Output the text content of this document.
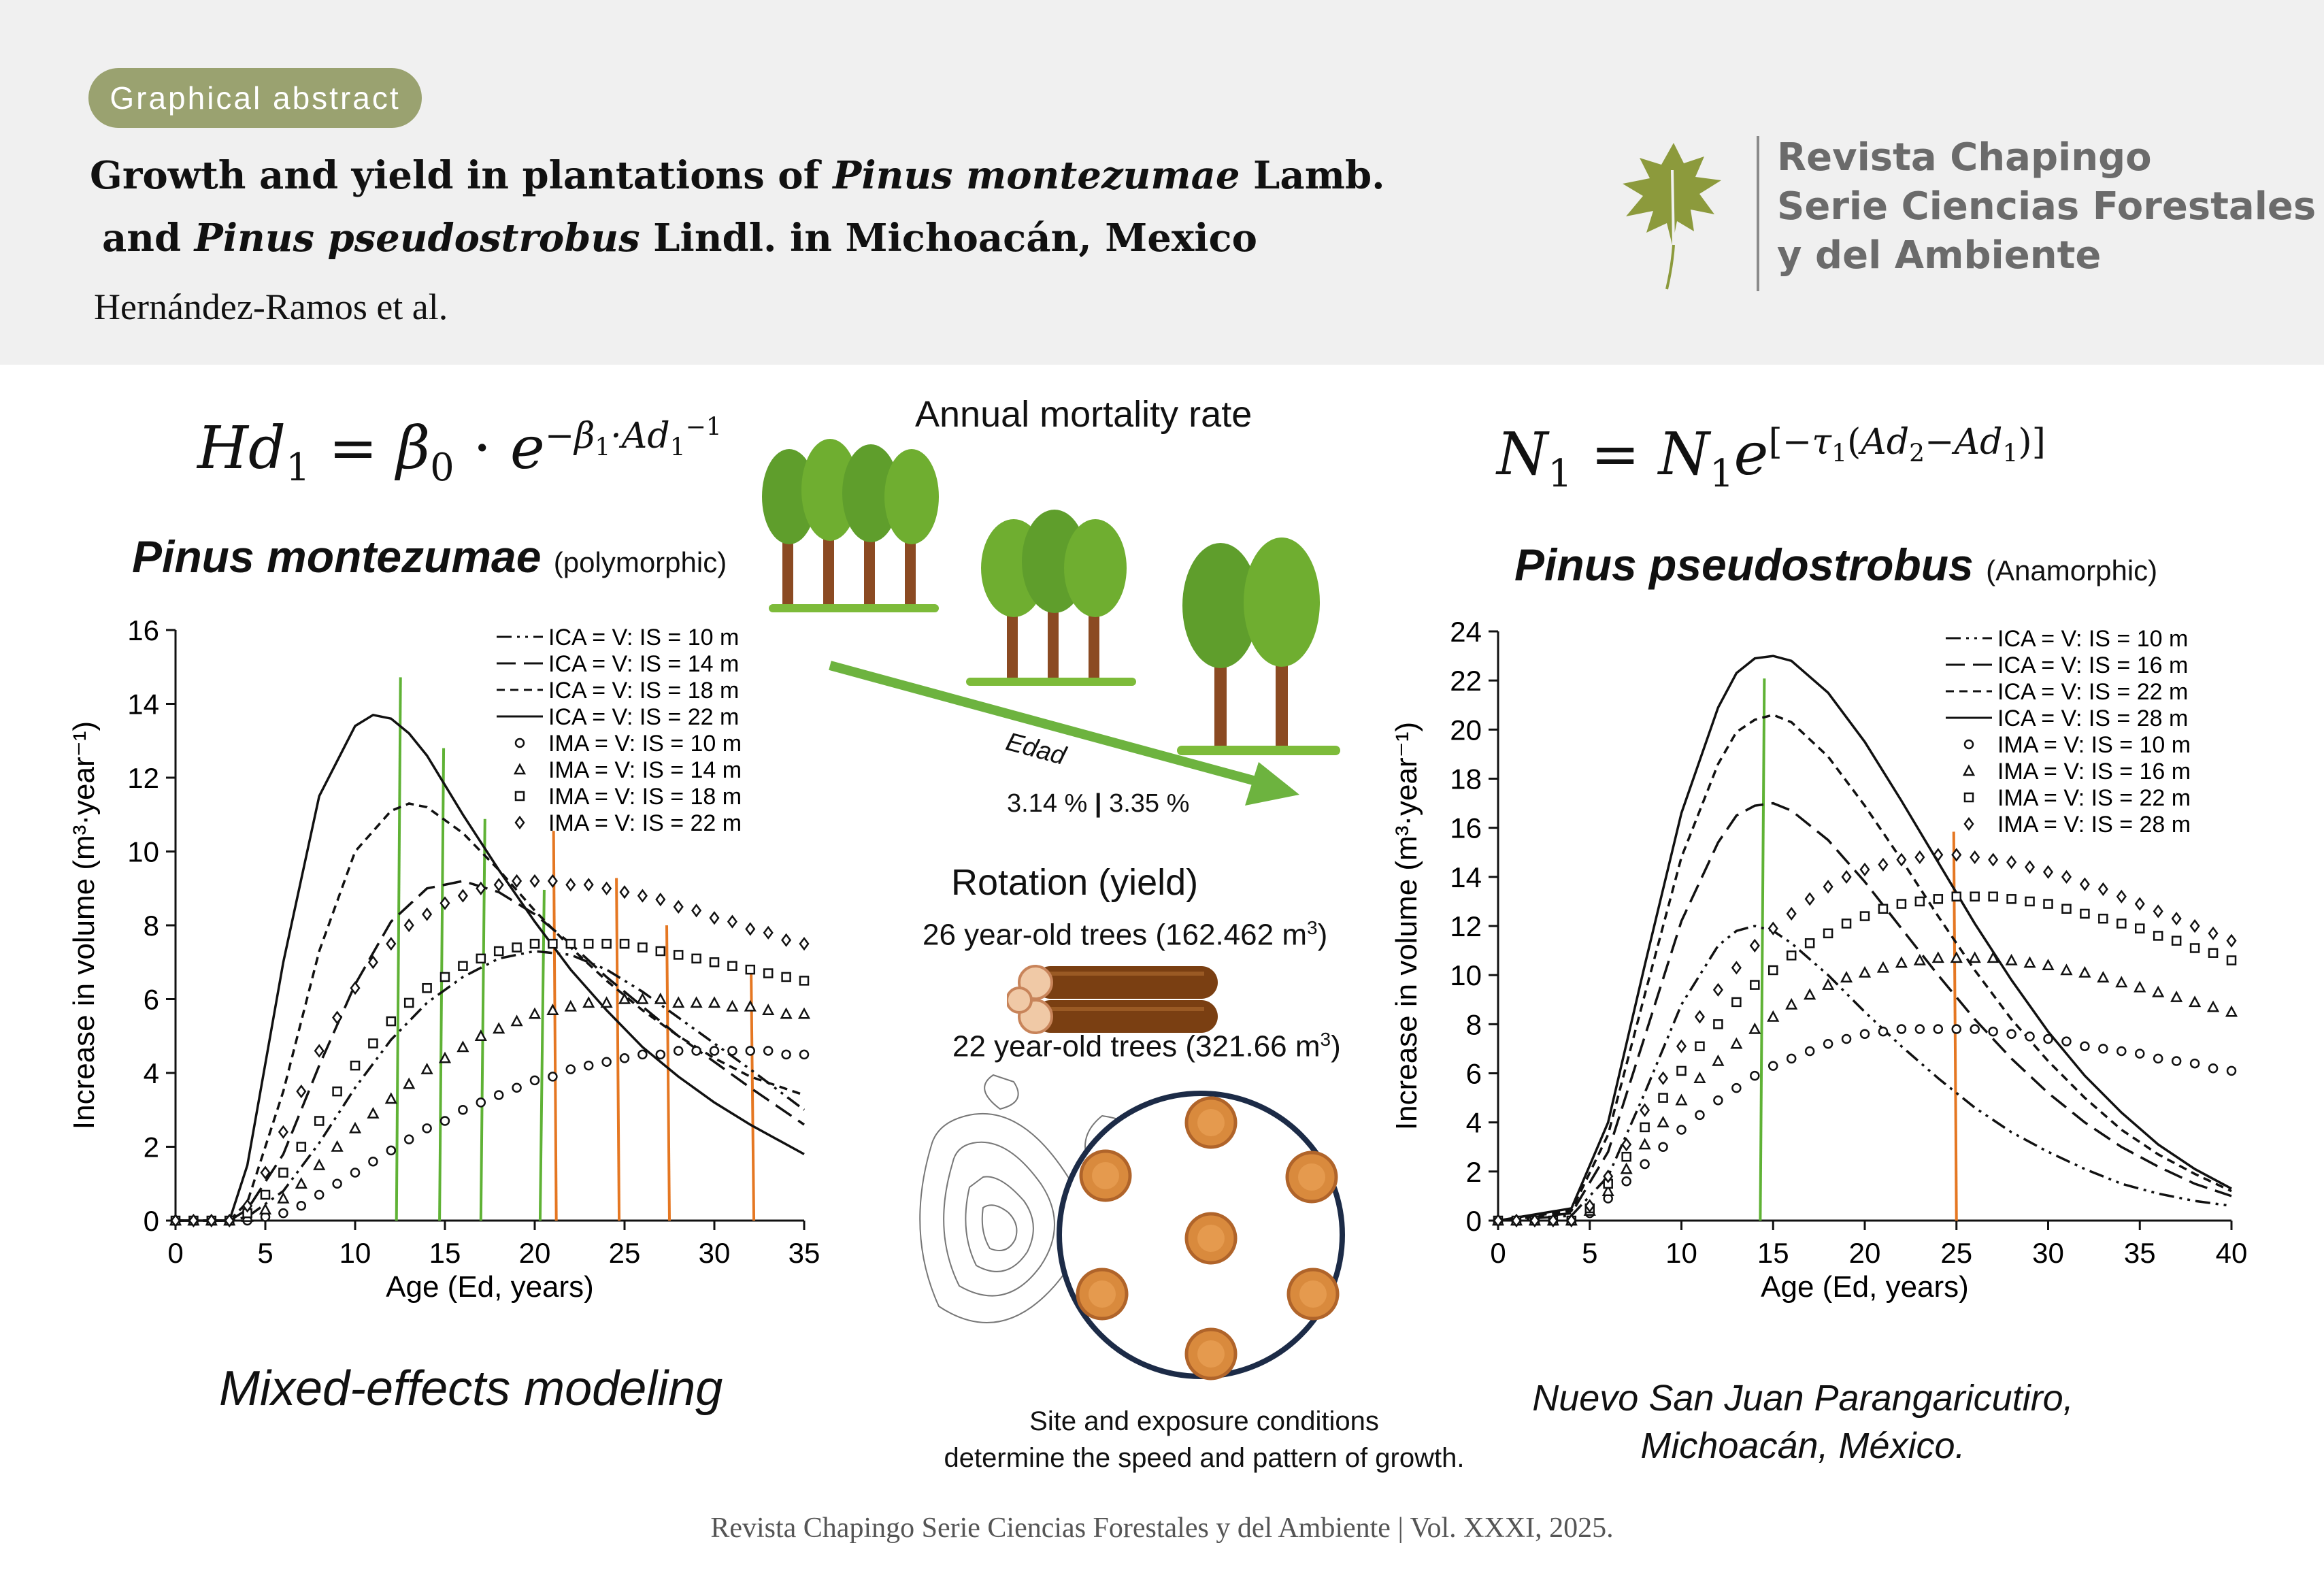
Graphical abstract
Growth and yield in plantations of Pinus montezumae Lamb.
and Pinus pseudostrobus Lindl. in Michoacán, Mexico
Hernández-Ramos et al.
Revista Chapingo
Serie Ciencias Forestales
y del Ambiente
$Hd_1 = \beta_0 \cdot e^{-\beta_1\cdot Ad_1^{-1}}$	$N_1 = N_1e[-\tau 1(Ad2-Ad1)]$
Pinus montezumae (polymorphic)	Pinus pseudostrobus (Anamorphic)
0	5 10 15 20 25 30 35
0
2
4
6
8
10
12
14
16
Age (Ed, years)
Increase in volume (m³·year⁻¹)
ICA = V: IS = 10 m
ICA = V: IS = 14 m
ICA = V: IS = 18 m
ICA = V: IS = 22 m
IMA = V: IS = 10 m
IMA = V: IS = 14 m
IMA = V: IS = 18 m
IMA = V: IS = 22 m
0	5 10 15 20 25 30 35 40
0
2
4
6
8
10
12
14
16
18
20
22
24
Age (Ed, years)
Increase in volume (m³·year⁻¹)
ICA = V: IS = 10 m
ICA = V: IS = 16 m
ICA = V: IS = 22 m
ICA = V: IS = 28 m
IMA = V: IS = 10 m
IMA = V: IS = 16 m
IMA = V: IS = 22 m
IMA = V: IS = 28 m
Mixed-effects modeling	Nuevo San Juan Parangaricutiro,
Michoacán, México.
Annual mortality rate
Edad
3.14 % | 3.35 %
Rotation (yield)
26 year-old trees (162.462 $m^3$)
22 year-old trees (321.66 $m^3$)
Site and exposure conditions
determine the speed and pattern of growth.
Revista Chapingo Serie Ciencias Forestales y del Ambiente | Vol. XXXI, 2025.
